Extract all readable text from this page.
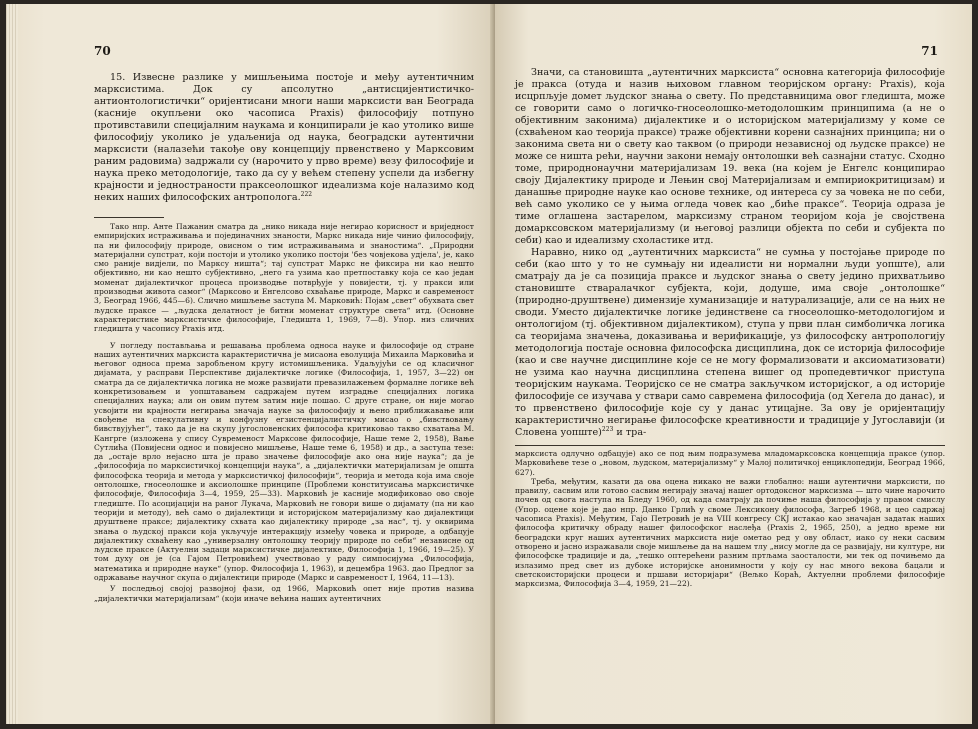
70

15. Извесне разлике у мишљењима постоје и међу аутентичним марксистима. Док су апсолутно „антисцијентистичко-антионтологистички“ оријентисани многи наши марксисти ван Београда (касније окупљени око часописа Praxis) философију потпуно противставили специјалним наукама и конципирали је као утолико више философију уколико је удаљенија од наука, београдски аутентични марксисти (налазећи такође ову концепцију првенствено у Марксовим раним радовима) задржали су (нарочито у прво време) везу философије и наука преко методологије, тако да су у већем степену успели да избегну крајности и једностраности праксеолошког идеализма које налазимо код неких наших философских антрополога.$^{222}$

Тако нпр. Анте Пажанин сматра да „нико никада није негирао корисност и вриједност емпиријских истраживања и појединачних знаности, Маркс никада није чинио философију, па ни философију природе, овисном о тим истраживањима и знаностима“. „Природни материјални супстрат, који постоји и утолико уколико постоји 'без човјекова удјела', је, како смо раније видјели, по Марксу ништа“; тај супстрат Маркс не фиксира ни као нешто објективно, ни као нешто субјективно, „него га узима као претпоставку која се као један моменат дијалектичког процеса производње потврђује у повијести, тј. у пракси или производњи живота самог“ (Марксово и Енгелсово схваћање природе, Маркс и савременост 3, Београд 1966, 445—6). Слично мишљење заступа М. Марковић: Појам „свет“ обухвата свет људске праксе — „људска делатност је битни моменат структуре света“ итд. (Основне карактеристике марксистичке философије, Гледишта 1, 1969, 7—8). Упор. низ сличних гледишта у часопису Praxis итд.

У погледу постављања и решавања проблема односа науке и философије од стране наших аутентичних марксиста карактеристична је мисаона еволуција Михаила Марковића и његовог односа према заробљеном кругу истомишљеника. Удаљујући се од класичног дијамата, у расправи Перспективе дијалектичке логике (Философија, 1, 1957, 3—22) он сматра да се дијалектичка логика не може развијати превазилажењем формалне логике већ конкретизовањем и уопштавањем садржајем путем изградње специјалних логика специјалних наука; али он овим путем затим није пошао. С друге стране, он није могао усвојити ни крајности негирања значаја науке за философију и њено приближавање или свођење на спекулативну и конфузну егзистенцијалистичку мисао о „бивствовању бивствујућег“, тако да је на скупу југословенских философа критиковао такво схватања М. Кангрге (изложена у спису Суврeменост Марксове философије, Наше теме 2, 1958), Вање Сутлића (Повијесни однос и повијесно мишљење, Наше теме 6, 1958) и др., а заступа тезе: да „остаје врло нејасно шта је право значење философије ако она није наука“; да је „философија по марксистичкој концепцији наука“, а „дијалектички материјализам је општа философска теорија и метода у марксистичкој философији“, теорија и метода која има своје онтолошке, гносеолошке и аксиолошке принципе (Проблеми конституисања марксистичке философије, Философија 3—4, 1959, 25—33). Марковић је касније модификовао ово своје гледиште. По асоцијацији на раног Лукача, Марковић не говори више о дијамату (па ни као теорији и методу), већ само о дијалектици и историјском материјализму као дијалектици друштвене праксе; дијалектику схвата као дијалектику природе „за нас“, тј. у оквирима знања о људској пракси која укључује интеракцију између човека и природе, а одбацује дијалектику схваћену као „универзалну онтолошку теорију природе по себи“ независне од људске праксе (Актуелни задаци марксистичке дијалектике, Философија 1, 1966, 19—25). У том духу он је (са Гајом Петровићем) учествовао у раду симпосијума „Философија, математика и природне науке“ (упор. Философија 1, 1963), и децембра 1963. дао Предлог за одржавање научног скупа о дијалектици природе (Маркс и савременост I, 1964, 11—13).

У последњој својој развојној фази, од 1966, Марковић опет није против назива „дијалектички материјализам“ (који иначе већина наших аутентичних

71

Значи, са становишта „аутентичних марксиста“ основна категорија философије је пракса (отуда и назив њиховом главном теоријском органу: Praxis), која исцрпљује домет људског знања о свету. По представницима овог гледишта, може се говорити само о логичко-гносеолошко-методолошким принципима (а не о објективним законима) дијалектике и о историјском материјализму у коме се (схваћеном као теорија праксе) траже објективни корени сазнајних принципа; ни о законима света ни о свету као таквом (о природи независној од људске праксе) не може се ништа рећи, научни закони немају онтолошки већ сазнајни статус. Сходно томе, природнонаучни материјализам 19. века (на којем је Енгелс конципирао своју Дијалектику природе и Лењин свој Материјализам и емпириокритицизам) и данашње природне науке као основе технике, од интереса су за човека не по себи, већ само уколико се у њима огледа човек као „биће праксе“. Теорија одраза је тиме оглашена застарелом, марксизму страном теоријом која је својствена домарксовском материјализму (и његовој разлици објекта по себи и субјекта по себи) као и идеализму схоластике итд.

Наравно, нико од „аутентичних марксиста“ не сумња у постојање природе по себи (као што у то не сумњају ни идеалисти ни нормални људи уопште), али сматрају да је са позиција праксе и људског знања о свету једино прихватљиво становиште стваралачког субјекта, који, додуше, има своје „онтолошке“ (природно-друштвене) димензије хуманизације и натурализације, али се на њих не своди. Уместо дијалектичке логике јединствене са гносеолошко-методологијом и онтологијом (тј. објективном дијалектиком), ступа у први план симболичка логика са теоријама значења, доказивања и верификације, уз философску антропологију методологија постаје основна философска дисциплина, док се историја философије (као и све научне дисциплине које се не могу формализовати и аксиоматизовати) не узима као научна дисциплина степена вишег од пропедевтичког приступа теоријским наукама. Теоријско се не сматра закључком историјског, а од историје философије се изучава у ствари само савремена философија (од Хегела до данас), и то првенствено философије које су у данас утицајне. За ову је оријентацију карактеристично негирање философске креативности и традиције у Југославији (и Словена уопште)$^{223}$ и тра-

марксиста одлучно одбацује) ако се под њим подразумева младомарксовска концепција праксе (упор. Марковићеве тезе о „новом, људском, материјализму“ у Малој политичкој енциклопедији, Београд 1966, 627).

Треба, међутим, казати да ова оцена никако не важи глобално: наши аутентични марксисти, по правилу, сасвим или готово сасвим негирају значај нашег ортодоксног марксизма — што чине нарочито почев од свога наступа на Бледу 1960, од када сматрају да почиње наша философија у правом смислу (Упор. оцене које је дао нпр. Данко Грлић у своме Лексикону философа, Загреб 1968, и цео садржај часописа Praxis). Међутим, Гајо Петровић је на VIII конгресу СКЈ истакао као значајан задатак наших философа критичку обраду нашег философског наслеђа (Praxis 2, 1965, 250), а једно време ни београдски круг наших аутентичних марксиста није ометао ред у ову област, иако су неки сасвим отворено и јасно изражавали своје мишљење да на нашем тлу „нису могле да се развијају, ни културе, ни философске традиције и да, „тешко оптерећени разним пртљама заосталости, ми тек од почињемо да излазимо пред свет из дубоке историјске анонимности у коју су нас много векова бацали и светскоисторијски процеси и пршави историјари“ (Вељко Кораћ, Актуелни проблеми философије марксизма, Философија 3—4, 1959, 21—22).
